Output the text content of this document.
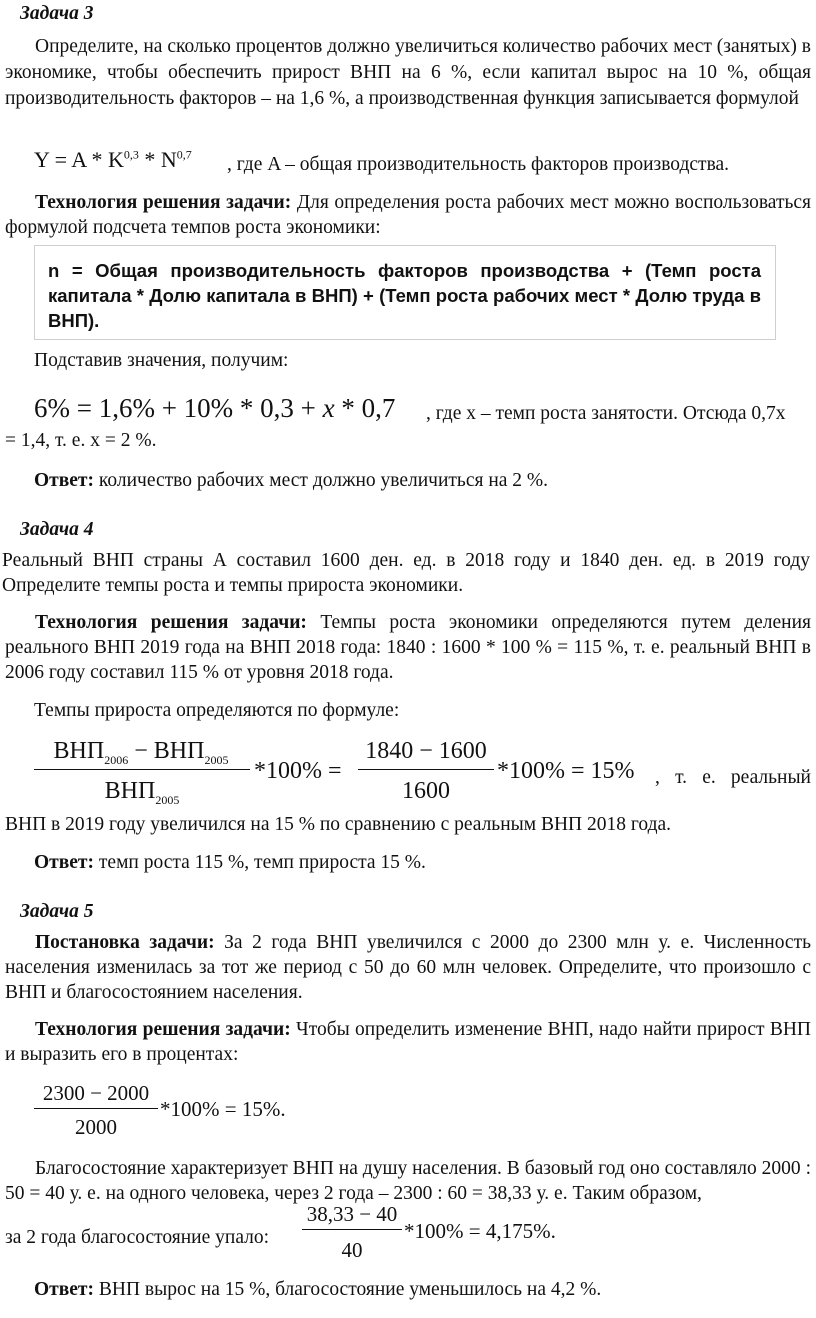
Задача 3
Определите, на сколько процентов должно увеличиться количество рабочих мест (занятых) в экономике, чтобы обеспечить прирост ВНП на 6 %, если капитал вырос на 10 %, общая производительность факторов – на 1,6 %, а производственная функция записывается формулой
Y = A * K$^{0,3}$ * N$^{0,7}$ , где A – общая производительность факторов производства.
Технология решения задачи: Для определения роста рабочих мест можно воспользоваться формулой подсчета темпов роста экономики:
n = Общая производительность факторов производства + (Темп роста капитала * Долю капитала в ВНП) + (Темп роста рабочих мест * Долю труда в ВНП).
Подставив значения, получим:
6% = 1,6% + 10% * 0,3 + x * 0,7 , где х – темп роста занятости. Отсюда 0,7х
= 1,4, т. е. х = 2 %.
Ответ: количество рабочих мест должно увеличиться на 2 %.
Задача 4
Реальный ВНП страны А составил 1600 ден. ед. в 2018 году и 1840 ден. ед. в 2019 году Определите темпы роста и темпы прироста экономики.
Технология решения задачи: Темпы роста экономики определяются путем деления реального ВНП 2019 года на ВНП 2018 года: 1840 : 1600 * 100 % = 115 %, т. е. реальный ВНП в 2006 году составил 115 % от уровня 2018 года.
Темпы прироста определяются по формуле:
$ВНП_{2006} - ВНП_{2005}$
$ВНП_{2005}$
*100% =
1840 − 1600
1600
*100% = 15% , т. е. реальный
ВНП в 2019 году увеличился на 15 % по сравнению с реальным ВНП 2018 года.
Ответ: темп роста 115 %, темп прироста 15 %.
Задача 5
Постановка задачи: За 2 года ВНП увеличился с 2000 до 2300 млн у. е. Численность населения изменилась за тот же период с 50 до 60 млн человек. Определите, что произошло с ВНП и благосостоянием населения.
Технология решения задачи: Чтобы определить изменение ВНП, надо найти прирост ВНП и выразить его в процентах:
2300 − 2000
2000
*100% = 15%.
Благосостояние характеризует ВНП на душу населения. В базовый год оно составляло 2000 : 50 = 40 у. е. на одного человека, через 2 года – 2300 : 60 = 38,33 у. е. Таким образом,
за 2 года благосостояние упало:
38,33 − 40
40
*100% = 4,175%.
Ответ: ВНП вырос на 15 %, благосостояние уменьшилось на 4,2 %.
